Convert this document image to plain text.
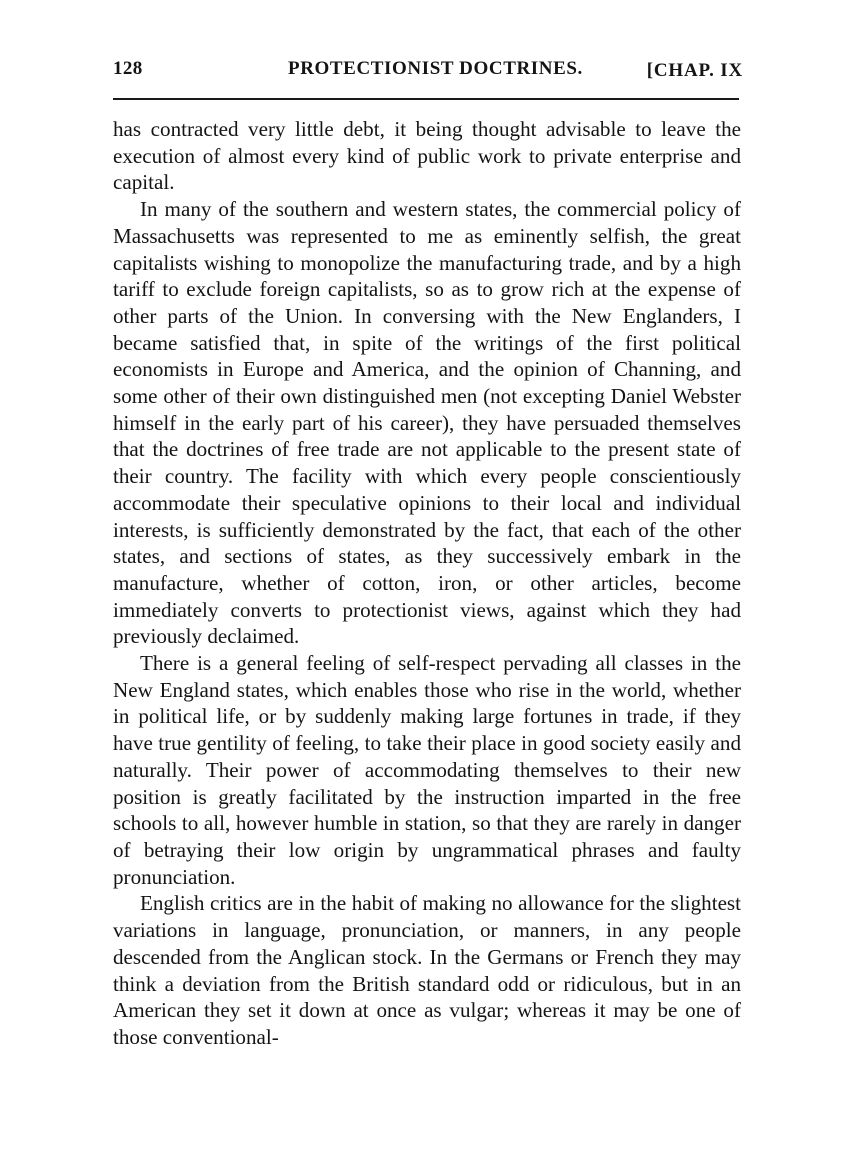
128	PROTECTIONIST DOCTRINES.	[CHAP. IX

has contracted very little debt, it being thought advisable to leave the execution of almost every kind of public work to private enterprise and capital.

In many of the southern and western states, the commercial policy of Massachusetts was represented to me as eminently selfish, the great capitalists wishing to monopolize the manufacturing trade, and by a high tariff to exclude foreign capitalists, so as to grow rich at the expense of other parts of the Union. In conversing with the New Englanders, I became satisfied that, in spite of the writings of the first political economists in Europe and America, and the opinion of Channing, and some other of their own distinguished men (not excepting Daniel Webster himself in the early part of his career), they have persuaded themselves that the doctrines of free trade are not applicable to the present state of their country. The facility with which every people conscientiously accommodate their speculative opinions to their local and individual interests, is sufficiently demonstrated by the fact, that each of the other states, and sections of states, as they successively embark in the manufacture, whether of cotton, iron, or other articles, become immediately converts to protectionist views, against which they had previously declaimed.

There is a general feeling of self-respect pervading all classes in the New England states, which enables those who rise in the world, whether in political life, or by suddenly making large fortunes in trade, if they have true gentility of feeling, to take their place in good society easily and naturally. Their power of accommodating themselves to their new position is greatly facilitated by the instruction imparted in the free schools to all, however humble in station, so that they are rarely in danger of betraying their low origin by ungrammatical phrases and faulty pronunciation.

English critics are in the habit of making no allowance for the slightest variations in language, pronunciation, or manners, in any people descended from the Anglican stock. In the Germans or French they may think a deviation from the British standard odd or ridiculous, but in an American they set it down at once as vulgar; whereas it may be one of those conventional-
